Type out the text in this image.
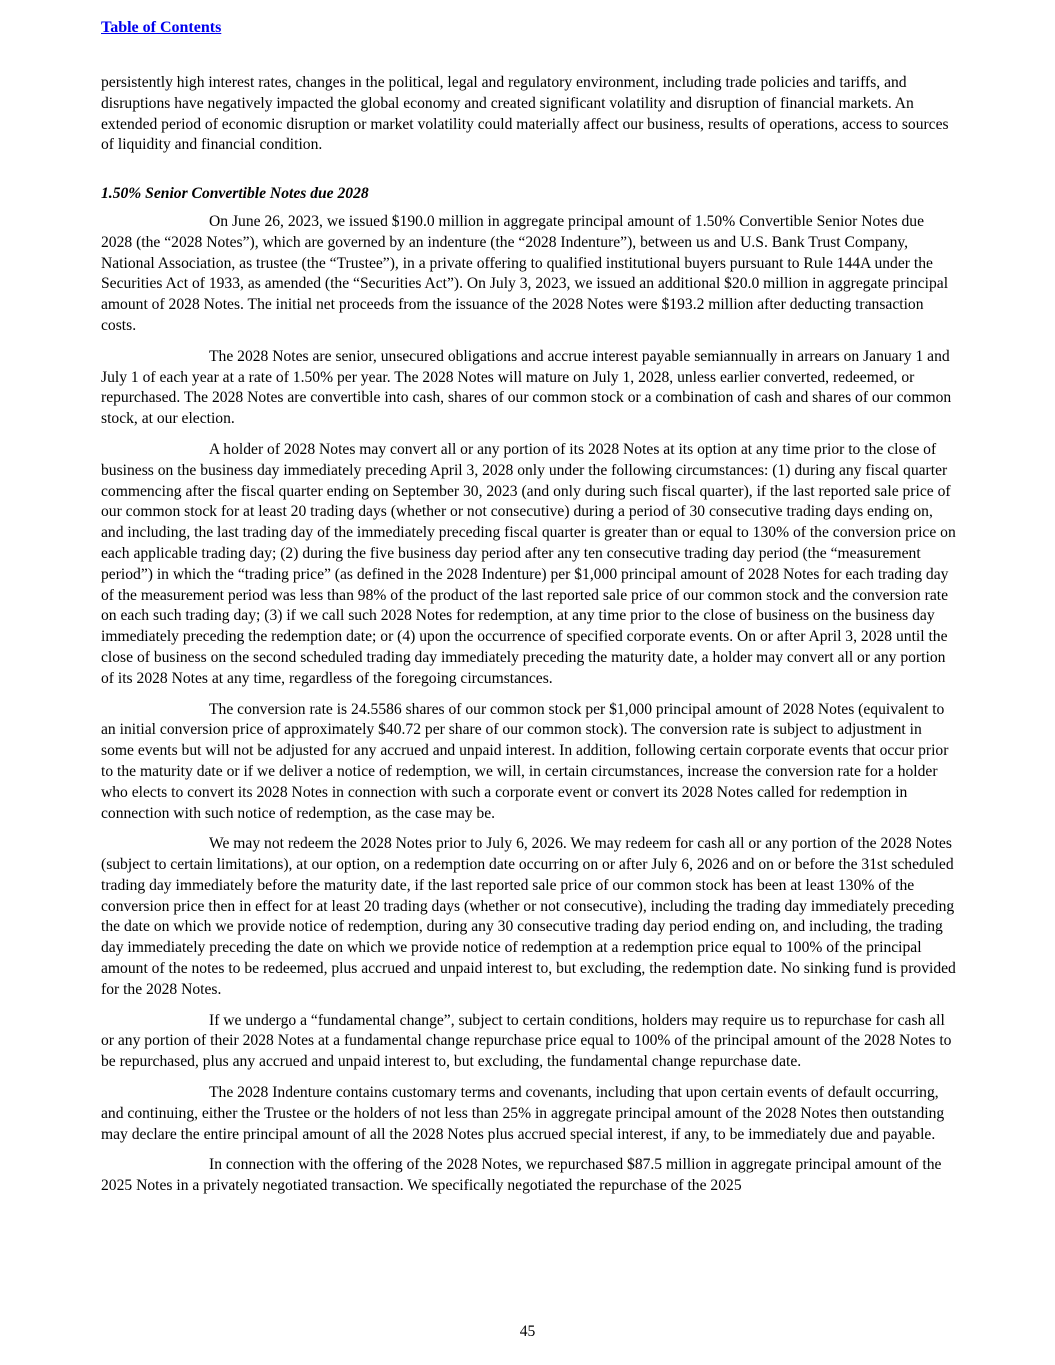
Table of Contents

persistently high interest rates, changes in the political, legal and regulatory environment, including trade policies and tariffs, and disruptions have negatively impacted the global economy and created significant volatility and disruption of financial markets. An extended period of economic disruption or market volatility could materially affect our business, results of operations, access to sources of liquidity and financial condition.

1.50% Senior Convertible Notes due 2028

On June 26, 2023, we issued $190.0 million in aggregate principal amount of 1.50% Convertible Senior Notes due 2028 (the “2028 Notes”), which are governed by an indenture (the “2028 Indenture”), between us and U.S. Bank Trust Company, National Association, as trustee (the “Trustee”), in a private offering to qualified institutional buyers pursuant to Rule 144A under the Securities Act of 1933, as amended (the “Securities Act”). On July 3, 2023, we issued an additional $20.0 million in aggregate principal amount of 2028 Notes. The initial net proceeds from the issuance of the 2028 Notes were $193.2 million after deducting transaction costs.

The 2028 Notes are senior, unsecured obligations and accrue interest payable semiannually in arrears on January 1 and July 1 of each year at a rate of 1.50% per year. The 2028 Notes will mature on July 1, 2028, unless earlier converted, redeemed, or repurchased. The 2028 Notes are convertible into cash, shares of our common stock or a combination of cash and shares of our common stock, at our election.

A holder of 2028 Notes may convert all or any portion of its 2028 Notes at its option at any time prior to the close of business on the business day immediately preceding April 3, 2028 only under the following circumstances: (1) during any fiscal quarter commencing after the fiscal quarter ending on September 30, 2023 (and only during such fiscal quarter), if the last reported sale price of our common stock for at least 20 trading days (whether or not consecutive) during a period of 30 consecutive trading days ending on, and including, the last trading day of the immediately preceding fiscal quarter is greater than or equal to 130% of the conversion price on each applicable trading day; (2) during the five business day period after any ten consecutive trading day period (the “measurement period”) in which the “trading price” (as defined in the 2028 Indenture) per $1,000 principal amount of 2028 Notes for each trading day of the measurement period was less than 98% of the product of the last reported sale price of our common stock and the conversion rate on each such trading day; (3) if we call such 2028 Notes for redemption, at any time prior to the close of business on the business day immediately preceding the redemption date; or (4) upon the occurrence of specified corporate events. On or after April 3, 2028 until the close of business on the second scheduled trading day immediately preceding the maturity date, a holder may convert all or any portion of its 2028 Notes at any time, regardless of the foregoing circumstances.

The conversion rate is 24.5586 shares of our common stock per $1,000 principal amount of 2028 Notes (equivalent to an initial conversion price of approximately $40.72 per share of our common stock). The conversion rate is subject to adjustment in some events but will not be adjusted for any accrued and unpaid interest. In addition, following certain corporate events that occur prior to the maturity date or if we deliver a notice of redemption, we will, in certain circumstances, increase the conversion rate for a holder who elects to convert its 2028 Notes in connection with such a corporate event or convert its 2028 Notes called for redemption in connection with such notice of redemption, as the case may be.

We may not redeem the 2028 Notes prior to July 6, 2026. We may redeem for cash all or any portion of the 2028 Notes (subject to certain limitations), at our option, on a redemption date occurring on or after July 6, 2026 and on or before the 31st scheduled trading day immediately before the maturity date, if the last reported sale price of our common stock has been at least 130% of the conversion price then in effect for at least 20 trading days (whether or not consecutive), including the trading day immediately preceding the date on which we provide notice of redemption, during any 30 consecutive trading day period ending on, and including, the trading day immediately preceding the date on which we provide notice of redemption at a redemption price equal to 100% of the principal amount of the notes to be redeemed, plus accrued and unpaid interest to, but excluding, the redemption date. No sinking fund is provided for the 2028 Notes.

If we undergo a “fundamental change”, subject to certain conditions, holders may require us to repurchase for cash all or any portion of their 2028 Notes at a fundamental change repurchase price equal to 100% of the principal amount of the 2028 Notes to be repurchased, plus any accrued and unpaid interest to, but excluding, the fundamental change repurchase date.

The 2028 Indenture contains customary terms and covenants, including that upon certain events of default occurring, and continuing, either the Trustee or the holders of not less than 25% in aggregate principal amount of the 2028 Notes then outstanding may declare the entire principal amount of all the 2028 Notes plus accrued special interest, if any, to be immediately due and payable.

In connection with the offering of the 2028 Notes, we repurchased $87.5 million in aggregate principal amount of the 2025 Notes in a privately negotiated transaction. We specifically negotiated the repurchase of the 2025

45
